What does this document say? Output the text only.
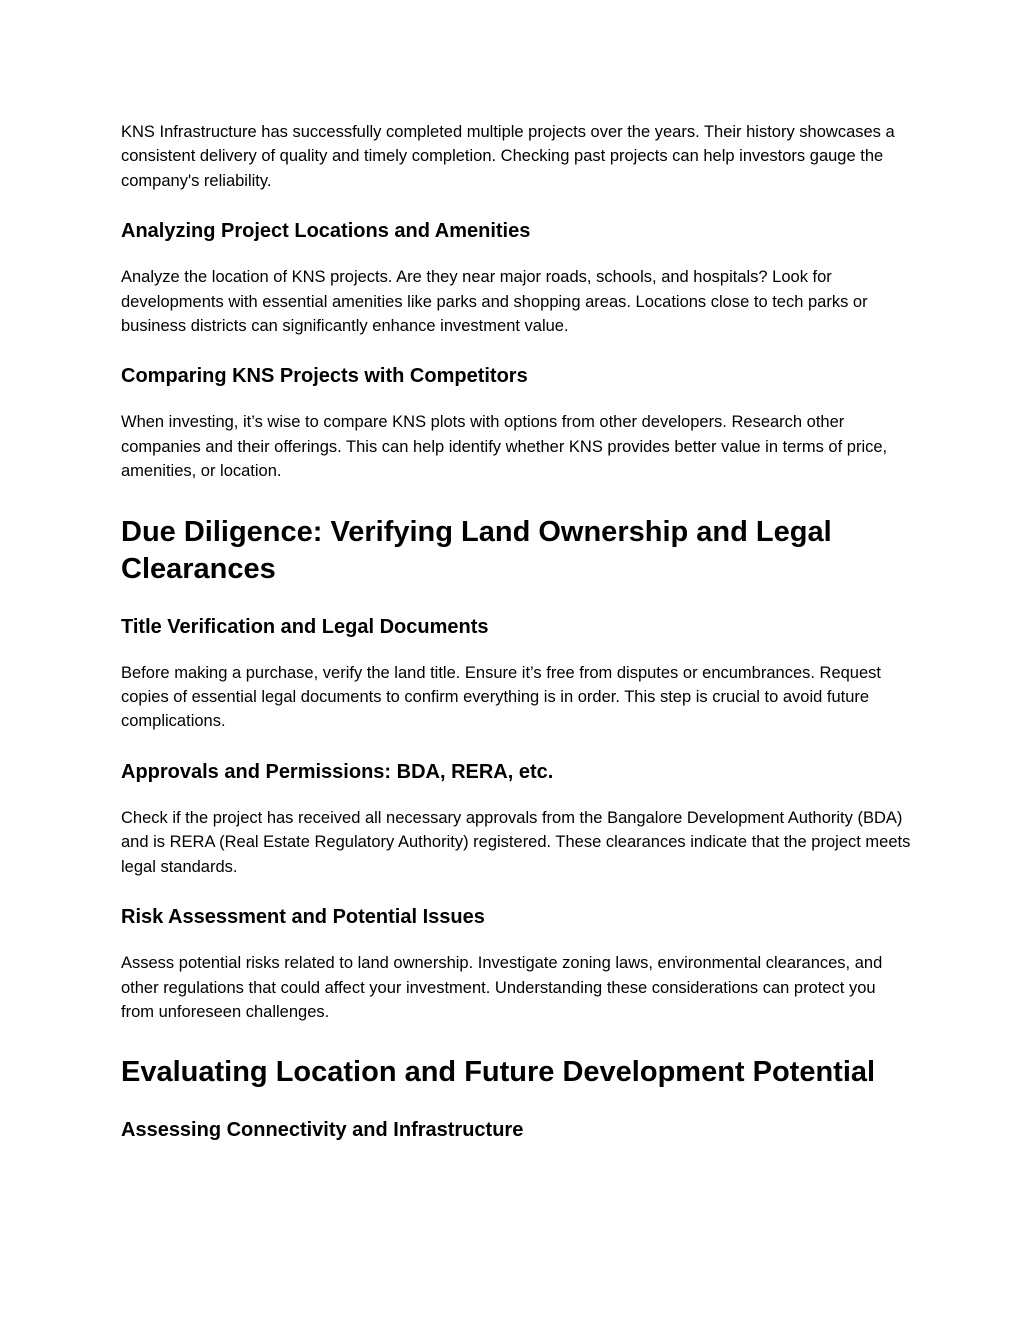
KNS Infrastructure has successfully completed multiple projects over the years. Their history showcases a consistent delivery of quality and timely completion. Checking past projects can help investors gauge the company's reliability.

Analyzing Project Locations and Amenities

Analyze the location of KNS projects. Are they near major roads, schools, and hospitals? Look for developments with essential amenities like parks and shopping areas. Locations close to tech parks or business districts can significantly enhance investment value.

Comparing KNS Projects with Competitors

When investing, it’s wise to compare KNS plots with options from other developers. Research other companies and their offerings. This can help identify whether KNS provides better value in terms of price, amenities, or location.

Due Diligence: Verifying Land Ownership and Legal Clearances
Title Verification and Legal Documents

Before making a purchase, verify the land title. Ensure it’s free from disputes or encumbrances. Request copies of essential legal documents to confirm everything is in order. This step is crucial to avoid future complications.

Approvals and Permissions: BDA, RERA, etc.

Check if the project has received all necessary approvals from the Bangalore Development Authority (BDA) and is RERA (Real Estate Regulatory Authority) registered. These clearances indicate that the project meets legal standards.

Risk Assessment and Potential Issues

Assess potential risks related to land ownership. Investigate zoning laws, environmental clearances, and other regulations that could affect your investment. Understanding these considerations can protect you from unforeseen challenges.

Evaluating Location and Future Development Potential
Assessing Connectivity and Infrastructure
